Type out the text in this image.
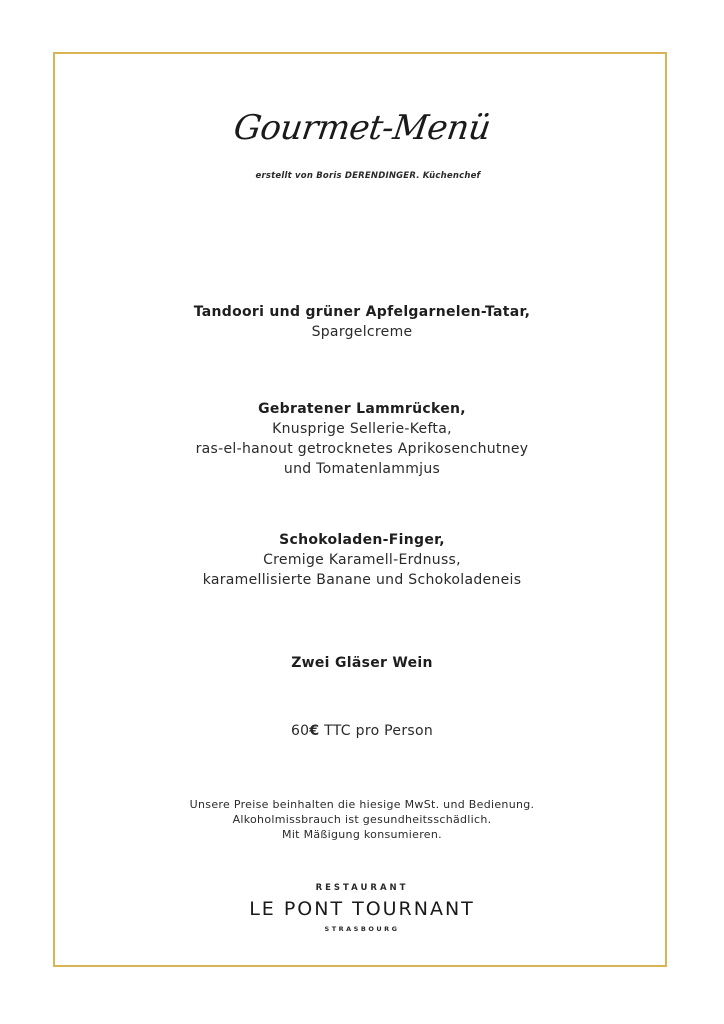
Gourmet-Menü
erstellt von Boris DERENDINGER. Küchenchef
Tandoori und grüner Apfelgarnelen-Tatar,
Spargelcreme
Gebratener Lammrücken,
Knusprige Sellerie-Kefta,
ras-el-hanout getrocknetes Aprikosenchutney
und Tomatenlammjus
Schokoladen-Finger,
Cremige Karamell-Erdnuss,
karamellisierte Banane und Schokoladeneis
Zwei Gläser Wein
60€ TTC pro Person
Unsere Preise beinhalten die hiesige MwSt. und Bedienung.
Alkoholmissbrauch ist gesundheitsschädlich.
Mit Mäßigung konsumieren.
RESTAURANT
LE PONT TOURNANT
STRASBOURG
